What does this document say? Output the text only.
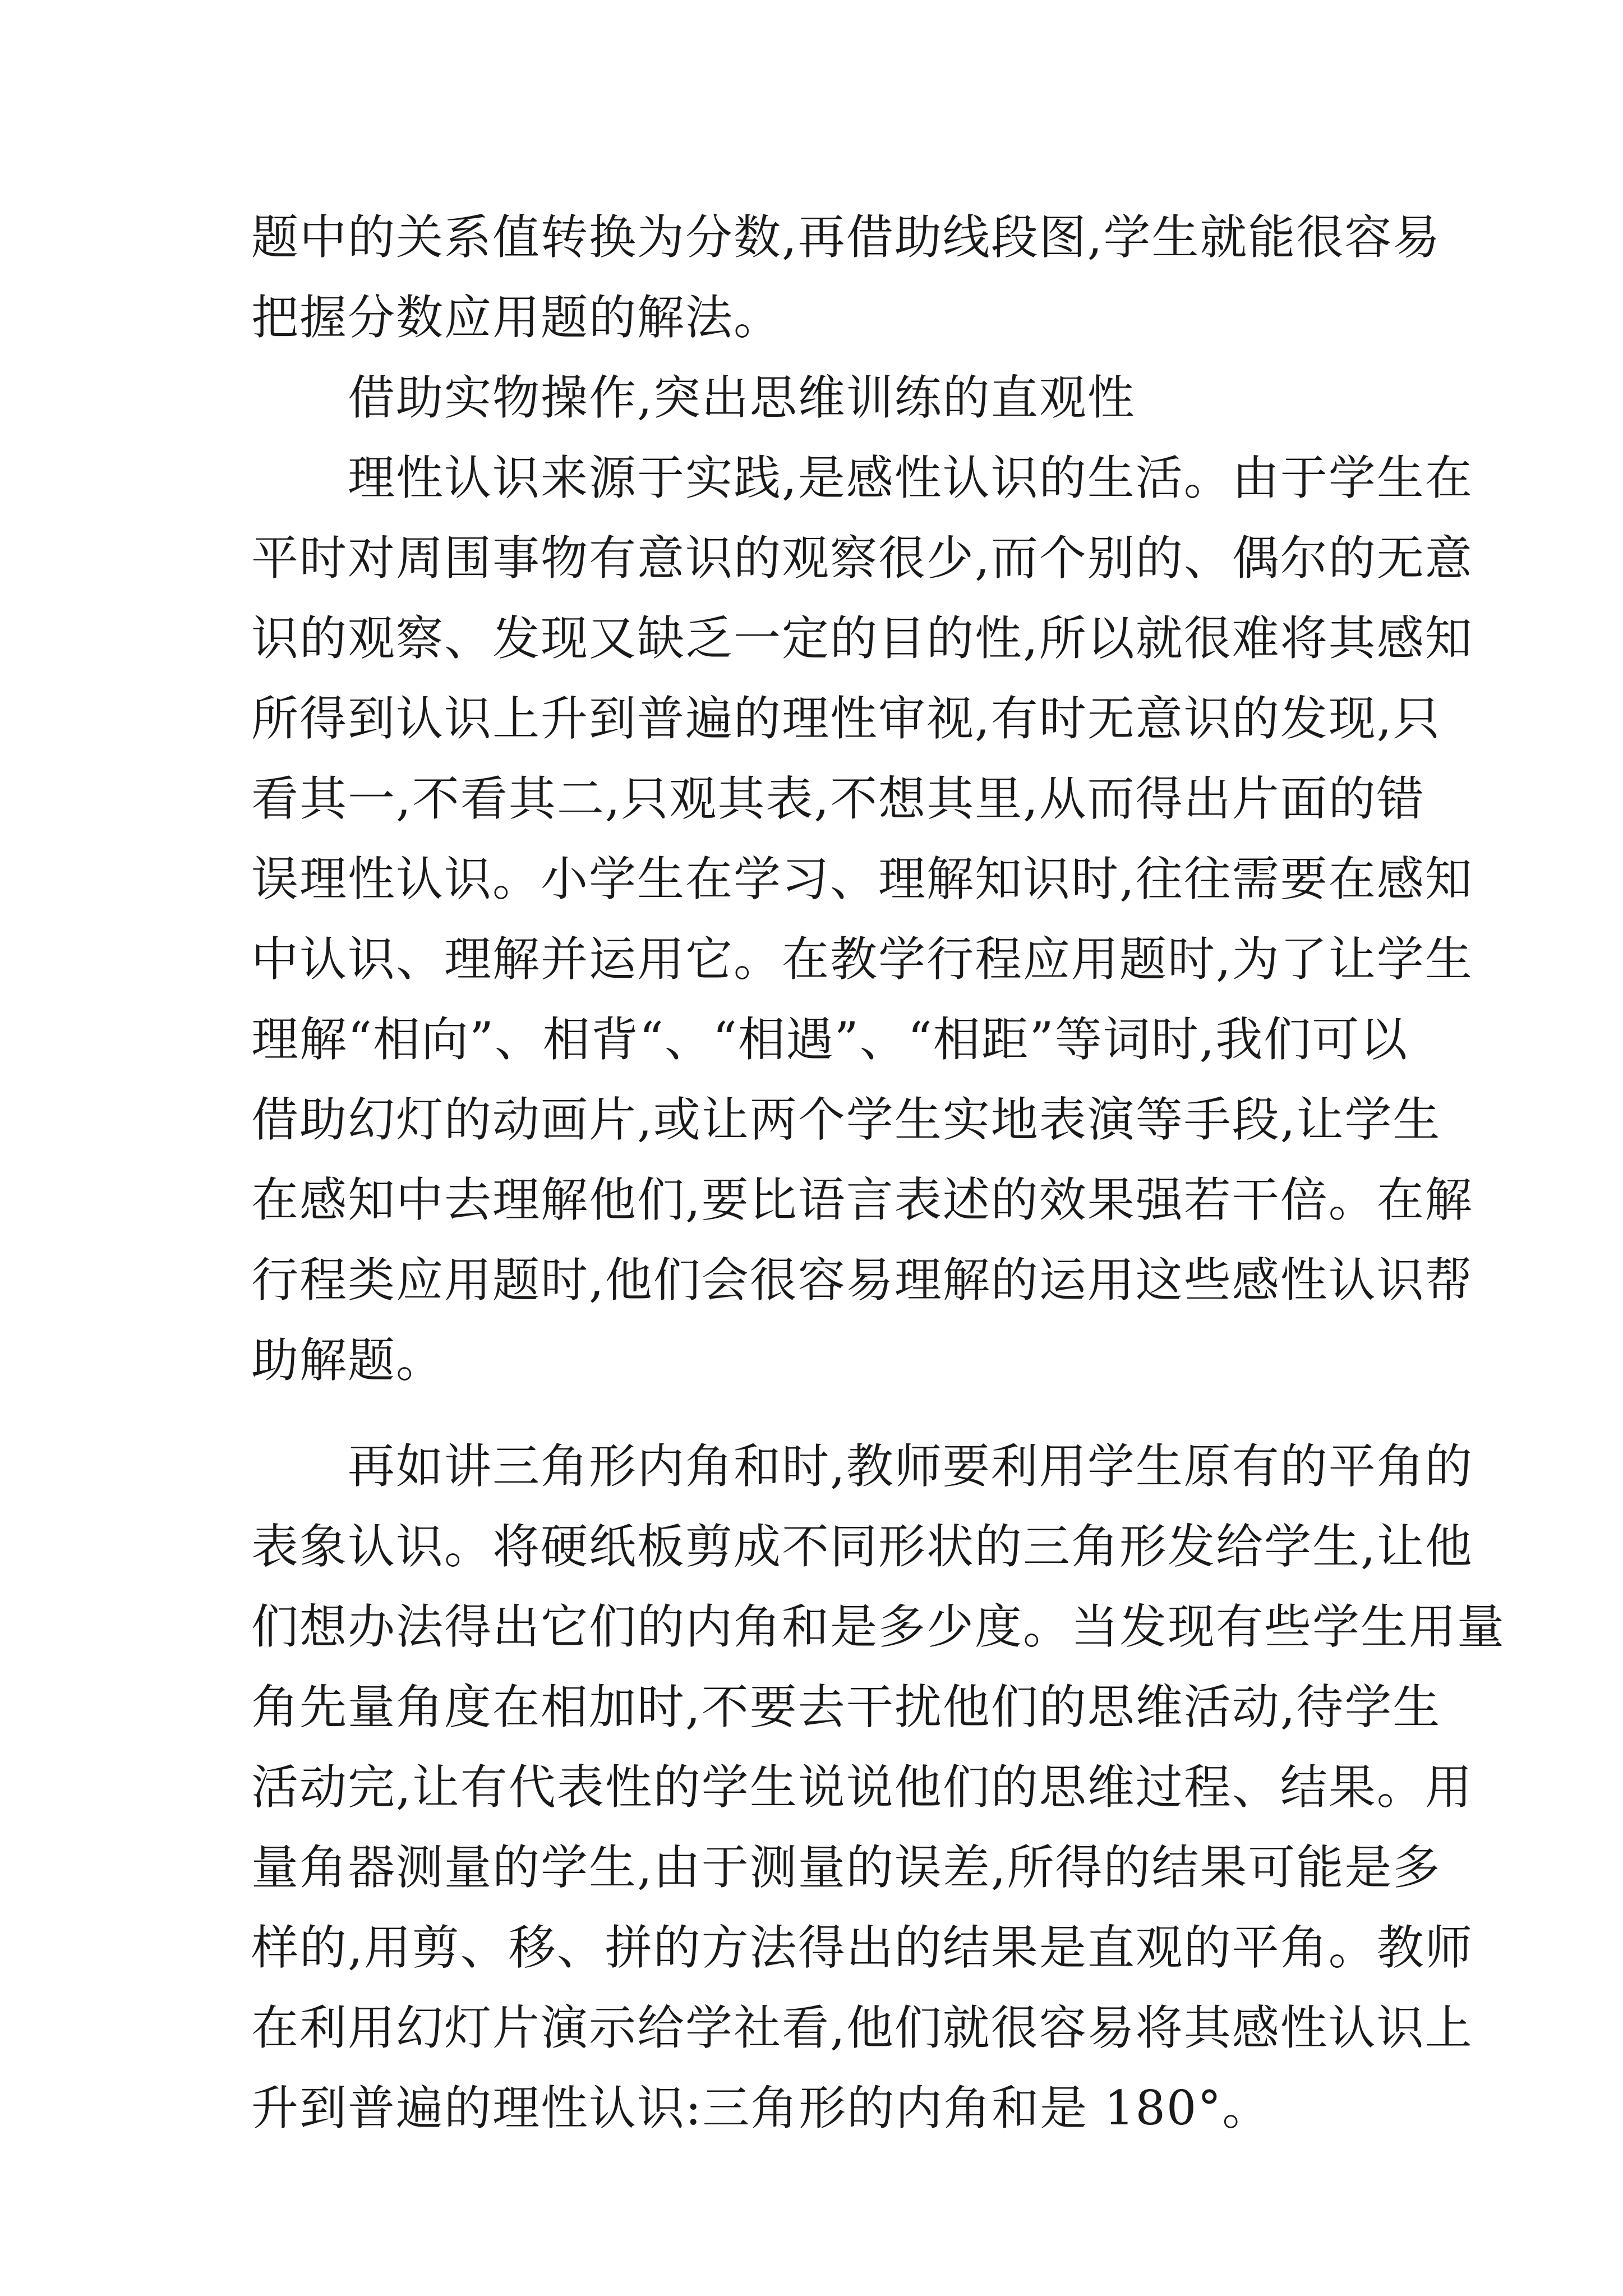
题中的关系值转换为分数,再借助线段图,学生就能很容易
把握分数应用题的解法。
　　借助实物操作,突出思维训练的直观性
　　理性认识来源于实践,是感性认识的生活。由于学生在
平时对周围事物有意识的观察很少,而个别的、偶尔的无意
识的观察、发现又缺乏一定的目的性,所以就很难将其感知
所得到认识上升到普遍的理性审视,有时无意识的发现,只
看其一,不看其二,只观其表,不想其里,从而得出片面的错
误理性认识。小学生在学习、理解知识时,往往需要在感知
中认识、理解并运用它。在教学行程应用题时,为了让学生
理解“相向”、相背“、“相遇”、“相距”等词时,我们可以
借助幻灯的动画片,或让两个学生实地表演等手段,让学生
在感知中去理解他们,要比语言表述的效果强若干倍。在解
行程类应用题时,他们会很容易理解的运用这些感性认识帮
助解题。
　　再如讲三角形内角和时,教师要利用学生原有的平角的
表象认识。将硬纸板剪成不同形状的三角形发给学生,让他
们想办法得出它们的内角和是多少度。当发现有些学生用量
角先量角度在相加时,不要去干扰他们的思维活动,待学生
活动完,让有代表性的学生说说他们的思维过程、结果。用
量角器测量的学生,由于测量的误差,所得的结果可能是多
样的,用剪、移、拼的方法得出的结果是直观的平角。教师
在利用幻灯片演示给学社看,他们就很容易将其感性认识上
升到普遍的理性认识:三角形的内角和是 180°。
